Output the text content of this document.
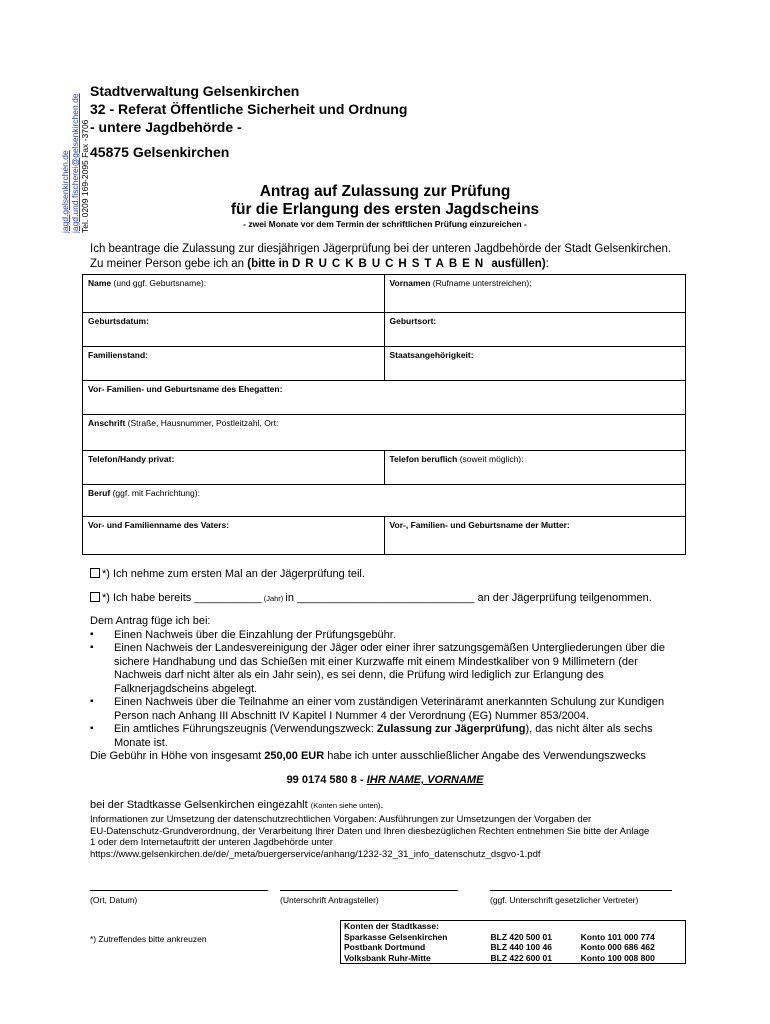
jagd.gelsenkirchen.de jagd.und.fischerei@gelsenkirchen.de Tel. 0209 169-2095 Fax -3706
Stadtverwaltung Gelsenkirchen
32 - Referat Öffentliche Sicherheit und Ordnung
- untere Jagdbehörde -
45875 Gelsenkirchen
Antrag auf Zulassung zur Prüfung
für die Erlangung des ersten Jagdscheins
- zwei Monate vor dem Termin der schriftlichen Prüfung einzureichen -
Ich beantrage die Zulassung zur diesjährigen Jägerprüfung bei der unteren Jagdbehörde der Stadt Gelsenkirchen.
Zu meiner Person gebe ich an (bitte in DRUCKBUCHSTABEN ausfüllen):
Name (und ggf. Geburtsname):	Vornamen (Rufname unterstreichen):
Geburtsdatum:	Geburtsort:
Familienstand:	Staatsangehörigkeit:
Vor- Familien- und Geburtsname des Ehegatten:	
Anschrift (Straße, Hausnummer, Postleitzahl, Ort:	
Telefon/Handy privat:	Telefon beruflich (soweit möglich):
Beruf (ggf. mit Fachrichtung):	
Vor- und Familienname des Vaters:	Vor-, Familien- und Geburtsname der Mutter:
*) Ich nehme zum ersten Mal an der Jägerprüfung teil.
*) Ich habe bereits ___________ (Jahr) in _____________________________ an der Jägerprüfung teilgenommen.
Dem Antrag füge ich bei:
▪ Einen Nachweis über die Einzahlung der Prüfungsgebühr.
▪ Einen Nachweis der Landesvereinigung der Jäger oder einer ihrer satzungsgemäßen Untergliederungen über die sichere Handhabung und das Schießen mit einer Kurzwaffe mit einem Mindestkaliber von 9 Millimetern (der Nachweis darf nicht älter als ein Jahr sein), es sei denn, die Prüfung wird lediglich zur Erlangung des Falknerjagdscheins abgelegt.
▪ Einen Nachweis über die Teilnahme an einer vom zuständigen Veterinäramt anerkannten Schulung zur Kundigen Person nach Anhang III Abschnitt IV Kapitel I Nummer 4 der Verordnung (EG) Nummer 853/2004.
▪ Ein amtliches Führungszeugnis (Verwendungszweck: Zulassung zur Jägerprüfung), das nicht älter als sechs Monate ist.
Die Gebühr in Höhe von insgesamt 250,00 EUR habe ich unter ausschließlicher Angabe des Verwendungszwecks
99 0174 580 8 - IHR NAME, VORNAME
bei der Stadtkasse Gelsenkirchen eingezahlt (Konten siehe unten).
Informationen zur Umsetzung der datenschutzrechtlichen Vorgaben: Ausführungen zur Umsetzungen der Vorgaben der
EU-Datenschutz-Grundverordnung, der Verarbeitung Ihrer Daten und Ihren diesbezüglichen Rechten entnehmen Sie bitte der Anlage
1 oder dem Internetauftritt der unteren Jagdbehörde unter
https://www.gelsenkirchen.de/de/_meta/buergerservice/anhang/1232-32_31_info_datenschutz_dsgvo-1.pdf
(Ort, Datum)	(Unterschrift Antragsteller)	(ggf. Unterschrift gesetzlicher Vertreter)
*) Zutreffendes bitte ankreuzen
Konten der Stadtkasse:		
Sparkasse Gelsenkirchen	BLZ 420 500 01	Konto 101 000 774
Postbank Dortmund	BLZ 440 100 46	Konto 000 686 462
Volksbank Ruhr-Mitte	BLZ 422 600 01	Konto 100 008 800
